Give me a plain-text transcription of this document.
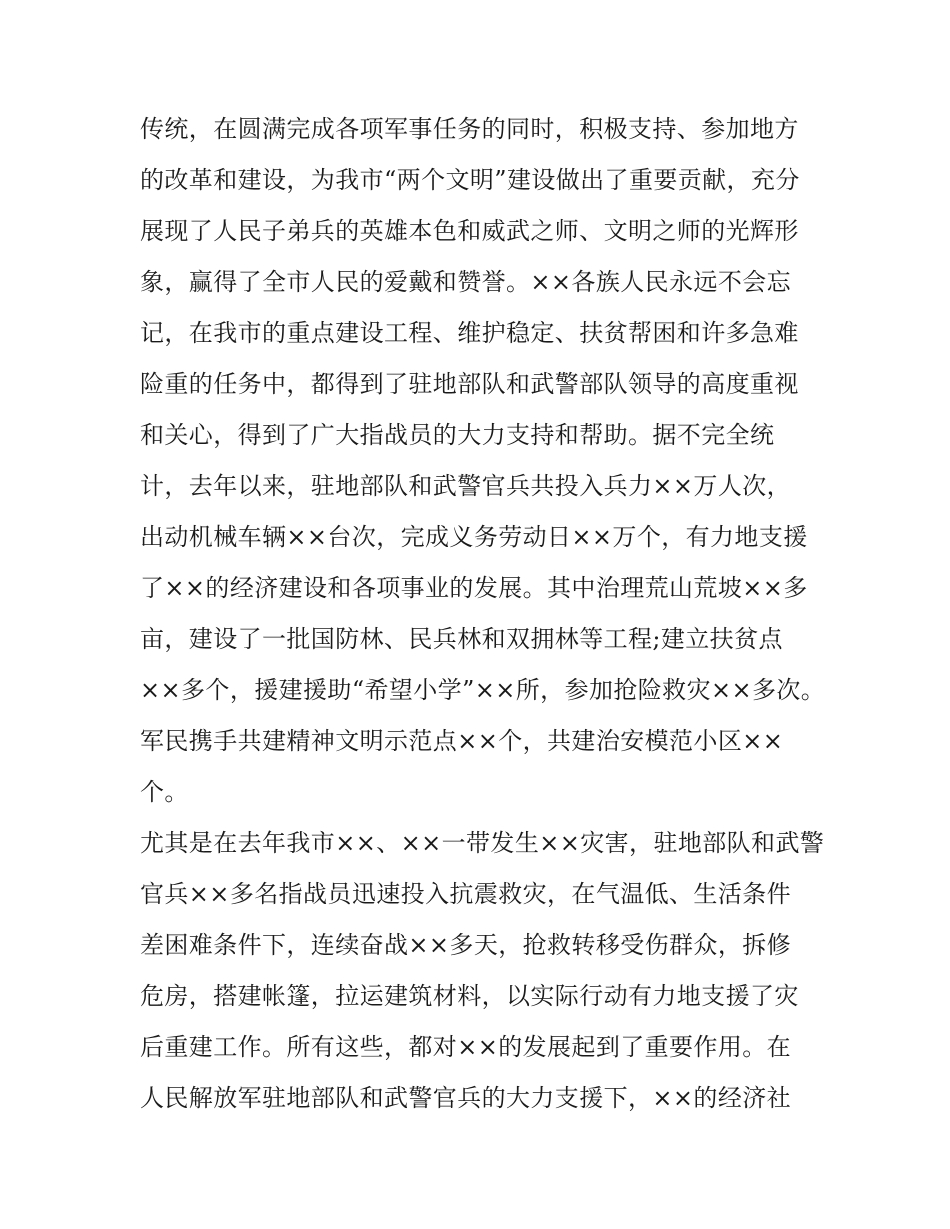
传统，在圆满完成各项军事任务的同时，积极支持、参加地方
的改革和建设，为我市“两个文明”建设做出了重要贡献，充分
展现了人民子弟兵的英雄本色和威武之师、文明之师的光辉形
象，赢得了全市人民的爱戴和赞誉。××各族人民永远不会忘
记，在我市的重点建设工程、维护稳定、扶贫帮困和许多急难
险重的任务中，都得到了驻地部队和武警部队领导的高度重视
和关心，得到了广大指战员的大力支持和帮助。据不完全统
计，去年以来，驻地部队和武警官兵共投入兵力××万人次，
出动机械车辆××台次，完成义务劳动日××万个，有力地支援
了××的经济建设和各项事业的发展。其中治理荒山荒坡××多
亩，建设了一批国防林、民兵林和双拥林等工程;建立扶贫点
××多个，援建援助“希望小学”××所，参加抢险救灾××多次。
军民携手共建精神文明示范点××个，共建治安模范小区××
个。
尤其是在去年我市××、××一带发生××灾害，驻地部队和武警
官兵××多名指战员迅速投入抗震救灾，在气温低、生活条件
差困难条件下，连续奋战××多天，抢救转移受伤群众，拆修
危房，搭建帐篷，拉运建筑材料，以实际行动有力地支援了灾
后重建工作。所有这些，都对××的发展起到了重要作用。在
人民解放军驻地部队和武警官兵的大力支援下，××的经济社
